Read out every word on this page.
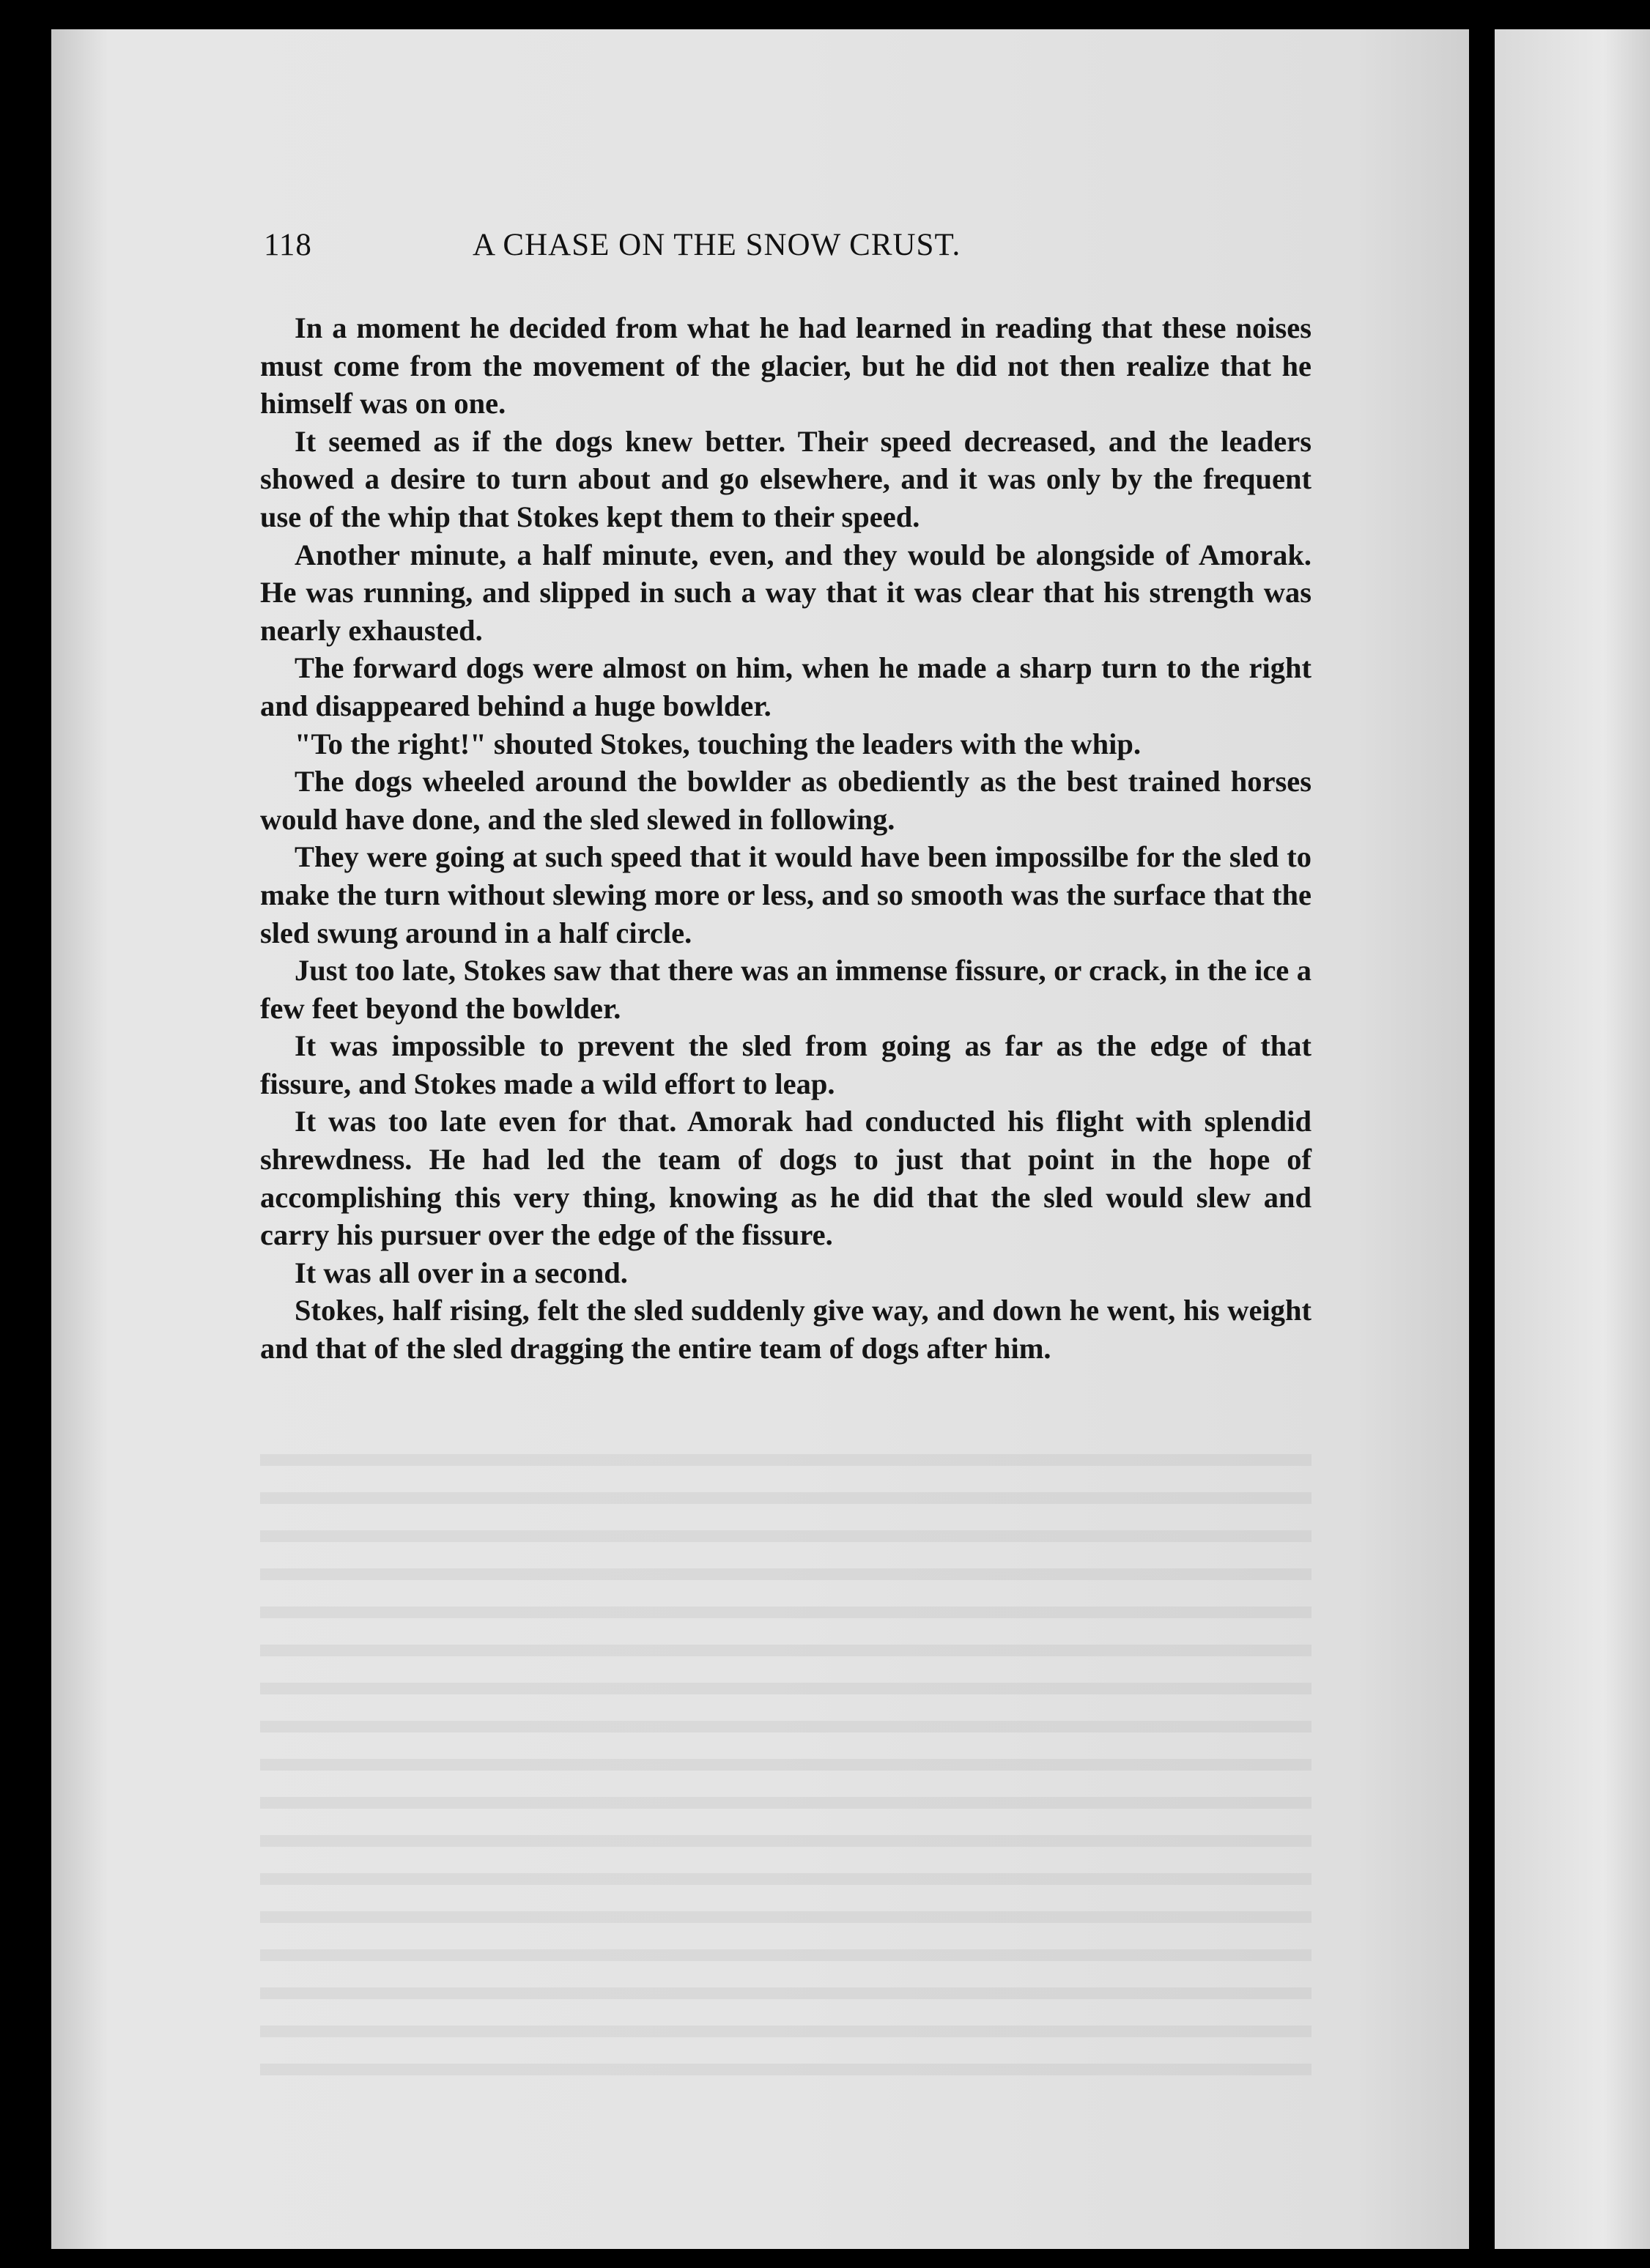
118	A CHASE ON THE SNOW CRUST.

In a moment he decided from what he had learned in reading that these noises must come from the movement of the glacier, but he did not then realize that he himself was on one.

It seemed as if the dogs knew better. Their speed decreased, and the leaders showed a desire to turn about and go elsewhere, and it was only by the frequent use of the whip that Stokes kept them to their speed.

Another minute, a half minute, even, and they would be alongside of Amorak. He was running, and slipped in such a way that it was clear that his strength was nearly exhausted.

The forward dogs were almost on him, when he made a sharp turn to the right and disappeared behind a huge bowlder.

"To the right!" shouted Stokes, touching the leaders with the whip.

The dogs wheeled around the bowlder as obediently as the best trained horses would have done, and the sled slewed in following.

They were going at such speed that it would have been impossilbe for the sled to make the turn without slewing more or less, and so smooth was the surface that the sled swung around in a half circle.

Just too late, Stokes saw that there was an immense fissure, or crack, in the ice a few feet beyond the bowlder.

It was impossible to prevent the sled from going as far as the edge of that fissure, and Stokes made a wild effort to leap.

It was too late even for that. Amorak had conducted his flight with splendid shrewdness. He had led the team of dogs to just that point in the hope of accomplishing this very thing, knowing as he did that the sled would slew and carry his pursuer over the edge of the fissure.

It was all over in a second.

Stokes, half rising, felt the sled suddenly give way, and down he went, his weight and that of the sled dragging the entire team of dogs after him.
